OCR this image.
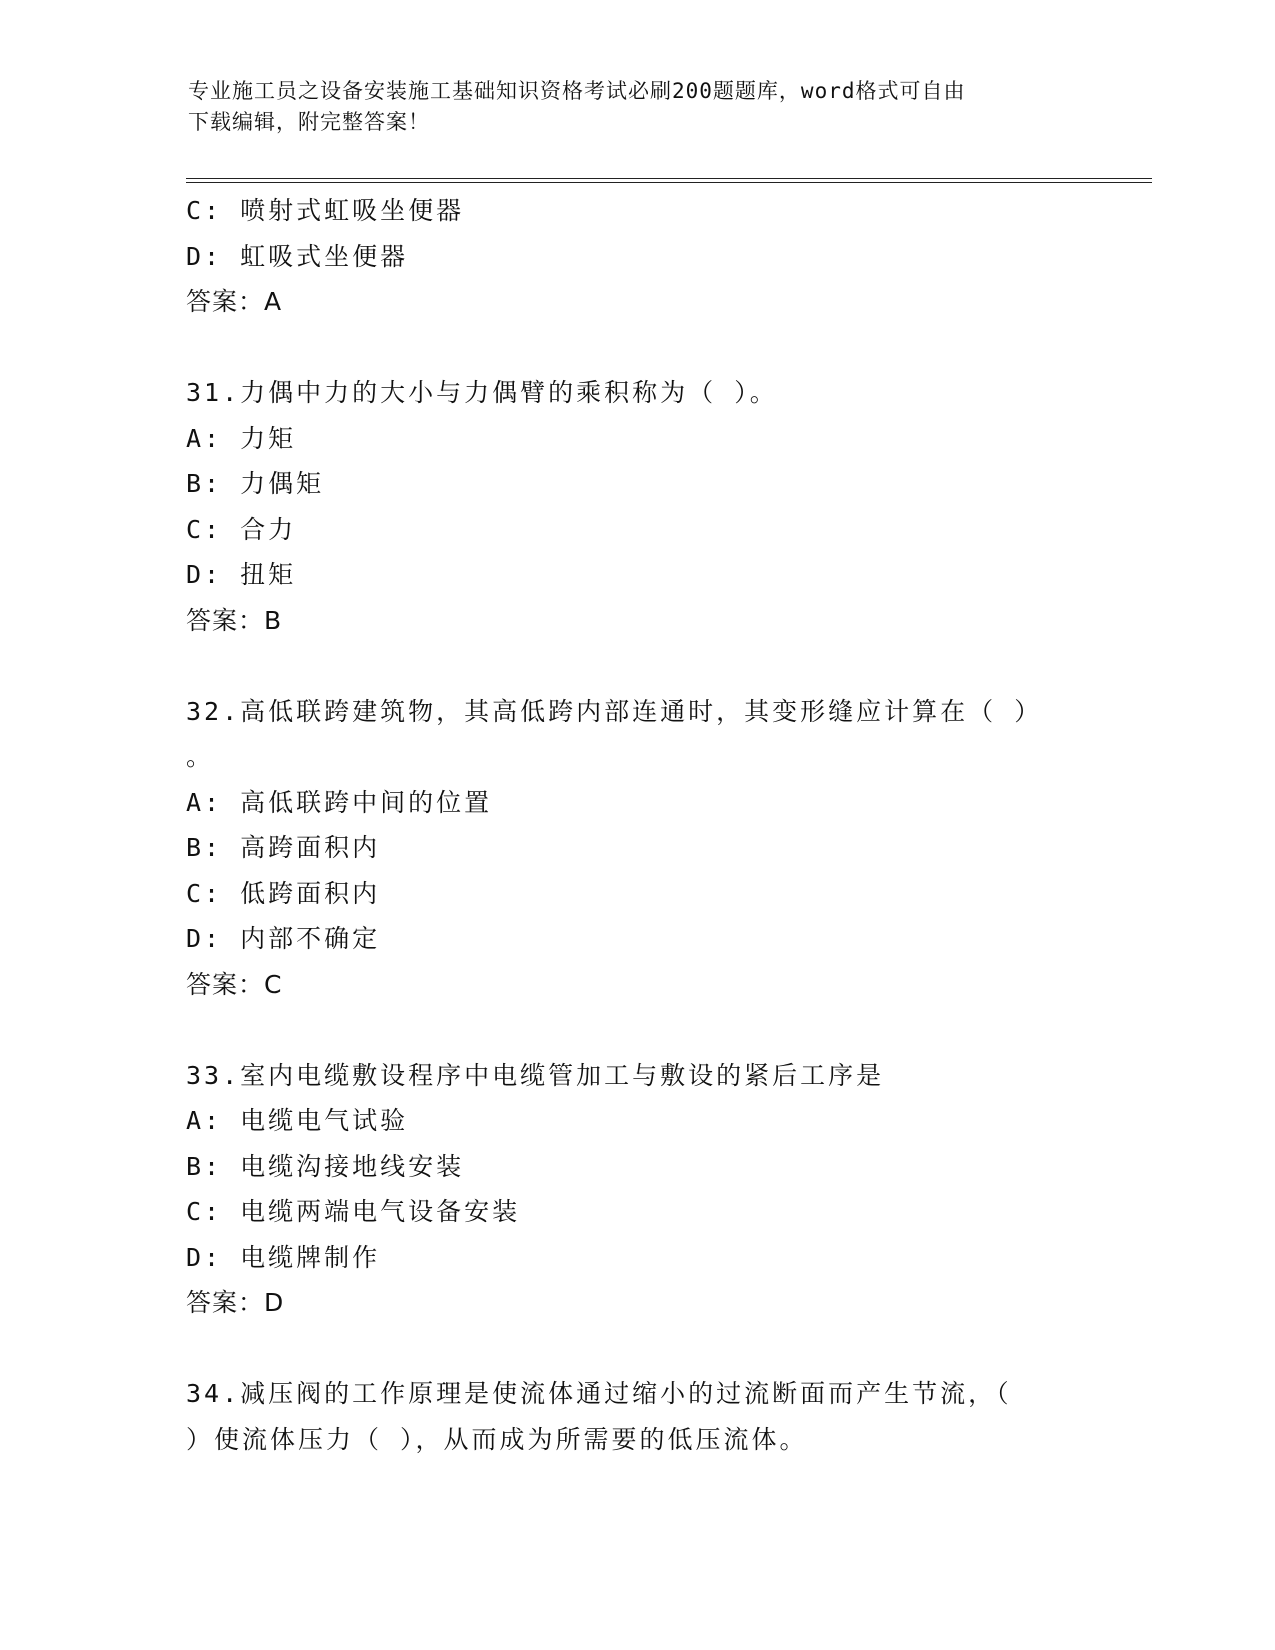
专业施工员之设备安装施工基础知识资格考试必刷200题题库，word格式可自由
下载编辑，附完整答案！
C: 喷射式虹吸坐便器
D: 虹吸式坐便器
答案：A
31.力偶中力的大小与力偶臂的乘积称为（ ）。
A: 力矩
B: 力偶矩
C: 合力
D: 扭矩
答案：B
32.高低联跨建筑物，其高低跨内部连通时，其变形缝应计算在（ ）
。
A: 高低联跨中间的位置
B: 高跨面积内
C: 低跨面积内
D: 内部不确定
答案：C
33.室内电缆敷设程序中电缆管加工与敷设的紧后工序是
A: 电缆电气试验
B: 电缆沟接地线安装
C: 电缆两端电气设备安装
D: 电缆牌制作
答案：D
34.减压阀的工作原理是使流体通过缩小的过流断面而产生节流，（
）使流体压力（ ），从而成为所需要的低压流体。
